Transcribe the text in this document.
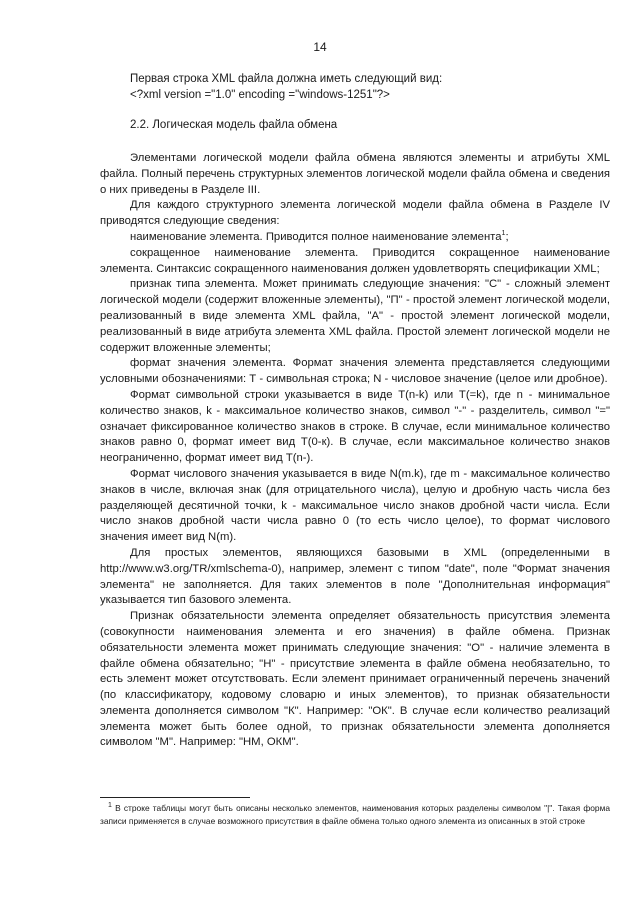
14
Первая строка XML файла должна иметь следующий вид:
<?xml version ="1.0" encoding ="windows-1251"?>
2.2. Логическая модель файла обмена

Элементами логической модели файла обмена являются элементы и атрибуты XML файла. Полный перечень структурных элементов логической модели файла обмена и сведения о них приведены в Разделе III.

Для каждого структурного элемента логической модели файла обмена в Разделе IV приводятся следующие сведения:

наименование элемента. Приводится полное наименование элемента$^1$;

сокращенное наименование элемента. Приводится сокращенное наименование элемента. Синтаксис сокращенного наименования должен удовлетворять спецификации XML;

признак типа элемента. Может принимать следующие значения: "С" - сложный элемент логической модели (содержит вложенные элементы), "П" - простой элемент логической модели, реализованный в виде элемента XML файла, "А" - простой элемент логической модели, реализованный в виде атрибута элемента XML файла. Простой элемент логической модели не содержит вложенные элементы;

формат значения элемента. Формат значения элемента представляется следующими условными обозначениями: Т - символьная строка; N - числовое значение (целое или дробное).

Формат символьной строки указывается в виде Т(n-k) или Т(=k), где n - минимальное количество знаков, k - максимальное количество знаков, символ "-" - разделитель, символ "=" означает фиксированное количество знаков в строке. В случае, если минимальное количество знаков равно 0, формат имеет вид Т(0-к). В случае, если максимальное количество знаков неограниченно, формат имеет вид Т(n-).

Формат числового значения указывается в виде N(m.k), где m - максимальное количество знаков в числе, включая знак (для отрицательного числа), целую и дробную часть числа без разделяющей десятичной точки, k - максимальное число знаков дробной части числа. Если число знаков дробной части числа равно 0 (то есть число целое), то формат числового значения имеет вид N(m).

Для простых элементов, являющихся базовыми в XML (определенными в http://www.w3.org/TR/xmlschema-0), например, элемент с типом "date", поле "Формат значения элемента" не заполняется. Для таких элементов в поле "Дополнительная информация" указывается тип базового элемента.

Признак обязательности элемента определяет обязательность присутствия элемента (совокупности наименования элемента и его значения) в файле обмена. Признак обязательности элемента может принимать следующие значения: "О" - наличие элемента в файле обмена обязательно; "Н" - присутствие элемента в файле обмена необязательно, то есть элемент может отсутствовать. Если элемент принимает ограниченный перечень значений (по классификатору, кодовому словарю и иных элементов), то признак обязательности элемента дополняется символом "К". Например: "ОК". В случае если количество реализаций элемента может быть более одной, то признак обязательности элемента дополняется символом "М". Например: "НМ, ОКМ".

$^1$ В строке таблицы могут быть описаны несколько элементов, наименования которых разделены символом "|". Такая форма записи применяется в случае возможного присутствия в файле обмена только одного элемента из описанных в этой строке
